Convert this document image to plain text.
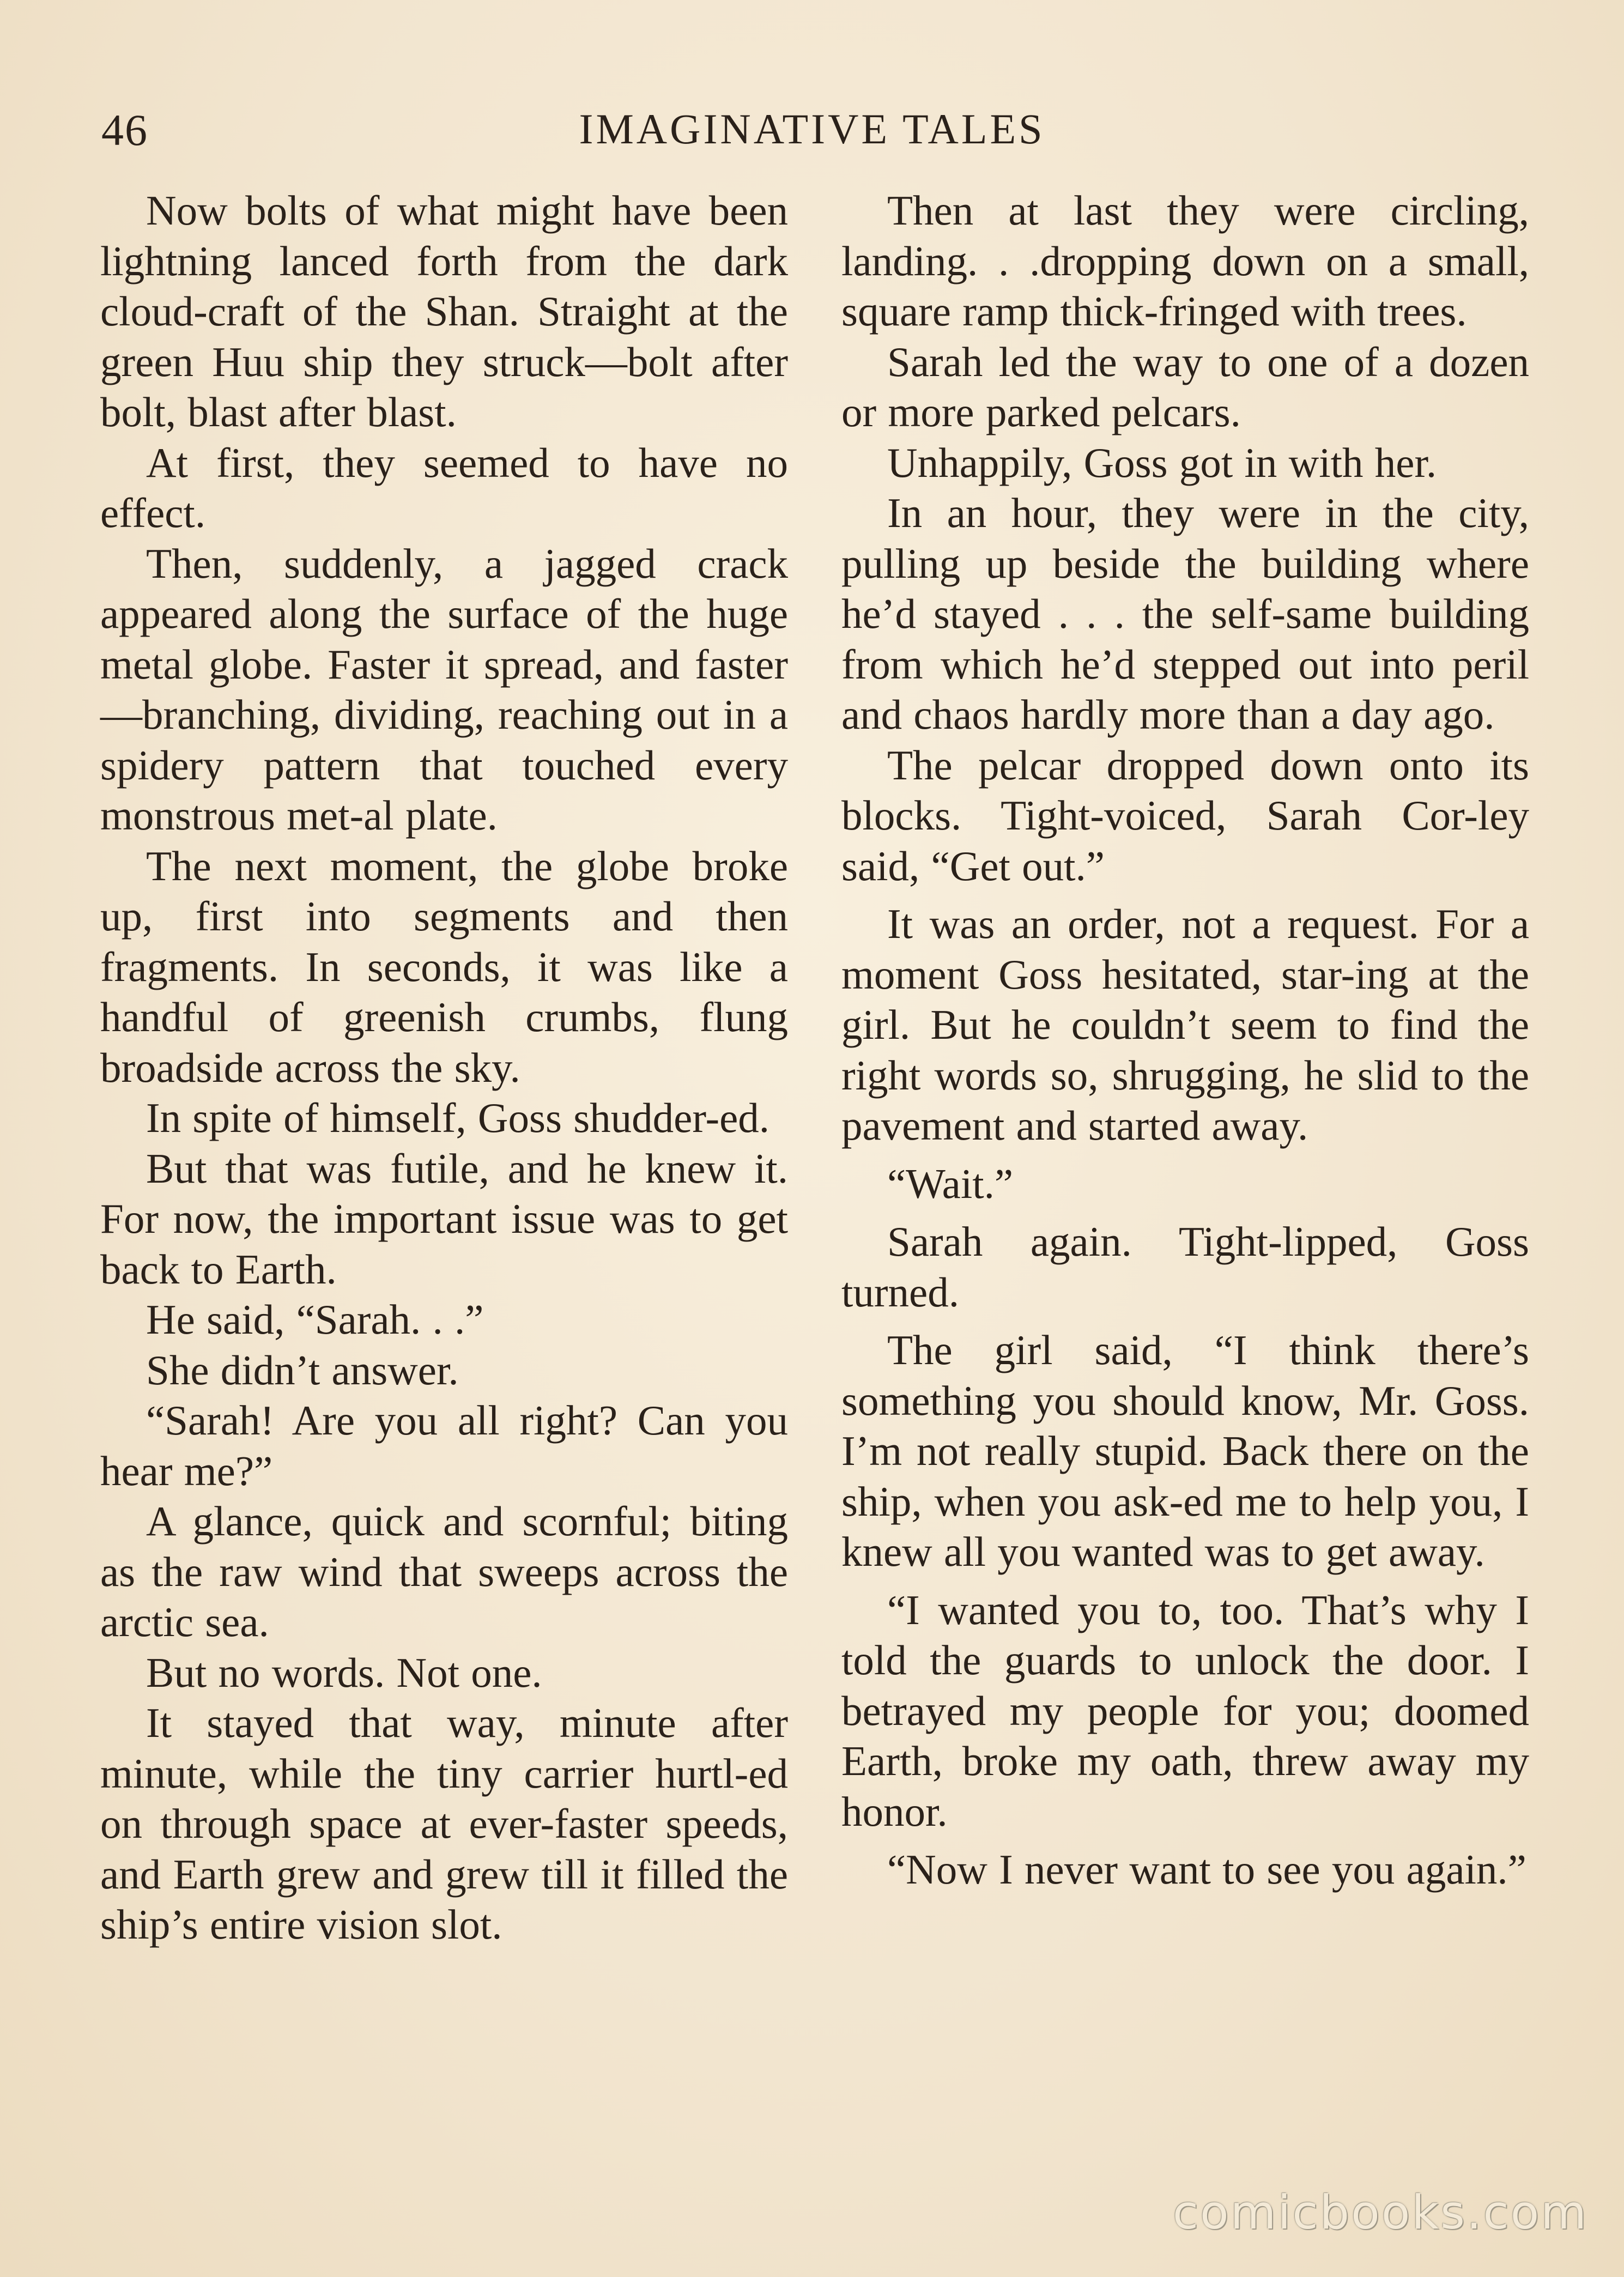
46	IMAGINATIVE TALES

Now bolts of what might have been lightning lanced forth from the dark cloud-craft of the Shan. Straight at the green Huu ship they struck—bolt after bolt, blast after blast.

At first, they seemed to have no effect.

Then, suddenly, a jagged crack appeared along the surface of the huge metal globe. Faster it spread, and faster—branching, dividing, reaching out in a spidery pattern that touched every monstrous met-al plate.

The next moment, the globe broke up, first into segments and then fragments. In seconds, it was like a handful of greenish crumbs, flung broadside across the sky.

In spite of himself, Goss shudder-ed.

But that was futile, and he knew it. For now, the important issue was to get back to Earth.

He said, “Sarah. . .”

She didn’t answer.

“Sarah! Are you all right? Can you hear me?”

A glance, quick and scornful; biting as the raw wind that sweeps across the arctic sea.

But no words. Not one.

It stayed that way, minute after minute, while the tiny carrier hurtl-ed on through space at ever-faster speeds, and Earth grew and grew till it filled the ship’s entire vision slot.

Then at last they were circling, landing. . .dropping down on a small, square ramp thick-fringed with trees.

Sarah led the way to one of a dozen or more parked pelcars.

Unhappily, Goss got in with her.

In an hour, they were in the city, pulling up beside the building where he’d stayed . . . the self-same building from which he’d stepped out into peril and chaos hardly more than a day ago.

The pelcar dropped down onto its blocks. Tight-voiced, Sarah Cor-ley said, “Get out.”

It was an order, not a request. For a moment Goss hesitated, star-ing at the girl. But he couldn’t seem to find the right words so, shrugging, he slid to the pavement and started away.

“Wait.”

Sarah again. Tight-lipped, Goss turned.

The girl said, “I think there’s something you should know, Mr. Goss. I’m not really stupid. Back there on the ship, when you ask-ed me to help you, I knew all you wanted was to get away.

“I wanted you to, too. That’s why I told the guards to unlock the door. I betrayed my people for you; doomed Earth, broke my oath, threw away my honor.

“Now I never want to see you again.”

comicbooks.com
